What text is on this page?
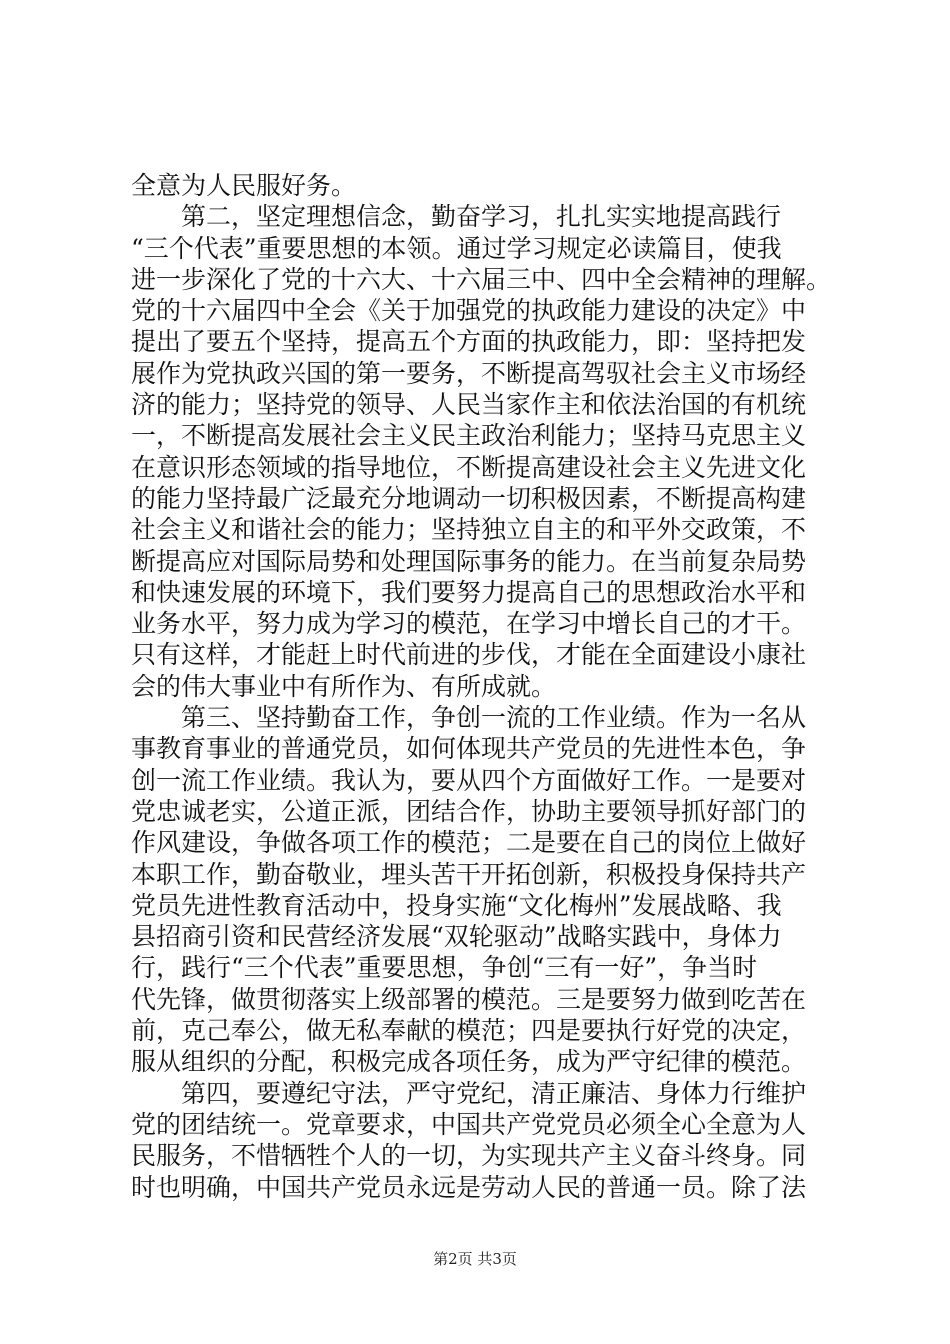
全意为人民服好务。
第二，坚定理想信念，勤奋学习，扎扎实实地提高践行
“三个代表”重要思想的本领。通过学习规定必读篇目，使我
进一步深化了党的十六大、十六届三中、四中全会精神的理解。
党的十六届四中全会《关于加强党的执政能力建设的决定》中
提出了要五个坚持，提高五个方面的执政能力，即：坚持把发
展作为党执政兴国的第一要务，不断提高驾驭社会主义市场经
济的能力；坚持党的领导、人民当家作主和依法治国的有机统
一，不断提高发展社会主义民主政治利能力；坚持马克思主义
在意识形态领域的指导地位，不断提高建设社会主义先进文化
的能力坚持最广泛最充分地调动一切积极因素，不断提高构建
社会主义和谐社会的能力；坚持独立自主的和平外交政策，不
断提高应对国际局势和处理国际事务的能力。在当前复杂局势
和快速发展的环境下，我们要努力提高自己的思想政治水平和
业务水平，努力成为学习的模范，在学习中增长自己的才干。
只有这样，才能赶上时代前进的步伐，才能在全面建设小康社
会的伟大事业中有所作为、有所成就。
第三、坚持勤奋工作，争创一流的工作业绩。作为一名从
事教育事业的普通党员，如何体现共产党员的先进性本色，争
创一流工作业绩。我认为，要从四个方面做好工作。一是要对
党忠诚老实，公道正派，团结合作，协助主要领导抓好部门的
作风建设，争做各项工作的模范；二是要在自己的岗位上做好
本职工作，勤奋敬业，埋头苦干开拓创新，积极投身保持共产
党员先进性教育活动中，投身实施“文化梅州”发展战略、我
县招商引资和民营经济发展“双轮驱动”战略实践中，身体力
行，践行“三个代表”重要思想，争创“三有一好”，争当时
代先锋，做贯彻落实上级部署的模范。三是要努力做到吃苦在
前，克己奉公，做无私奉献的模范；四是要执行好党的决定，
服从组织的分配，积极完成各项任务，成为严守纪律的模范。
第四，要遵纪守法，严守党纪，清正廉洁、身体力行维护
党的团结统一。党章要求，中国共产党党员必须全心全意为人
民服务，不惜牺牲个人的一切，为实现共产主义奋斗终身。同
时也明确，中国共产党员永远是劳动人民的普通一员。除了法
第2页 共3页
